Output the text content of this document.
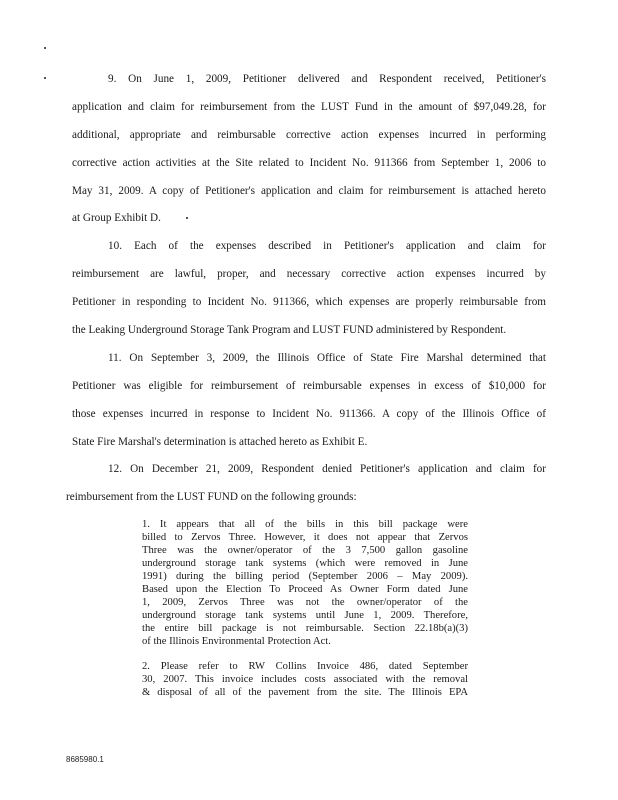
9. On June 1, 2009, Petitioner delivered and Respondent received, Petitioner's
application and claim for reimbursement from the LUST Fund in the amount of $97,049.28, for
additional, appropriate and reimbursable corrective action expenses incurred in performing
corrective action activities at the Site related to Incident No. 911366 from September 1, 2006 to
May 31, 2009. A copy of Petitioner's application and claim for reimbursement is attached hereto
at Group Exhibit D.
10. Each of the expenses described in Petitioner's application and claim for
reimbursement are lawful, proper, and necessary corrective action expenses incurred by
Petitioner in responding to Incident No. 911366, which expenses are properly reimbursable from
the Leaking Underground Storage Tank Program and LUST FUND administered by Respondent.
11. On September 3, 2009, the Illinois Office of State Fire Marshal determined that
Petitioner was eligible for reimbursement of reimbursable expenses in excess of $10,000 for
those expenses incurred in response to Incident No. 911366. A copy of the Illinois Office of
State Fire Marshal's determination is attached hereto as Exhibit E.
12. On December 21, 2009, Respondent denied Petitioner's application and claim for
reimbursement from the LUST FUND on the following grounds:
1. It appears that all of the bills in this bill package were
billed to Zervos Three. However, it does not appear that Zervos
Three was the owner/operator of the 3 7,500 gallon gasoline
underground storage tank systems (which were removed in June
1991) during the billing period (September 2006 – May 2009).
Based upon the Election To Proceed As Owner Form dated June
1, 2009, Zervos Three was not the owner/operator of the
underground storage tank systems until June 1, 2009. Therefore,
the entire bill package is not reimbursable. Section 22.18b(a)(3)
of the Illinois Environmental Protection Act.
2. Please refer to RW Collins Invoice 486, dated September
30, 2007. This invoice includes costs associated with the removal
& disposal of all of the pavement from the site. The Illinois EPA
8685980.1
